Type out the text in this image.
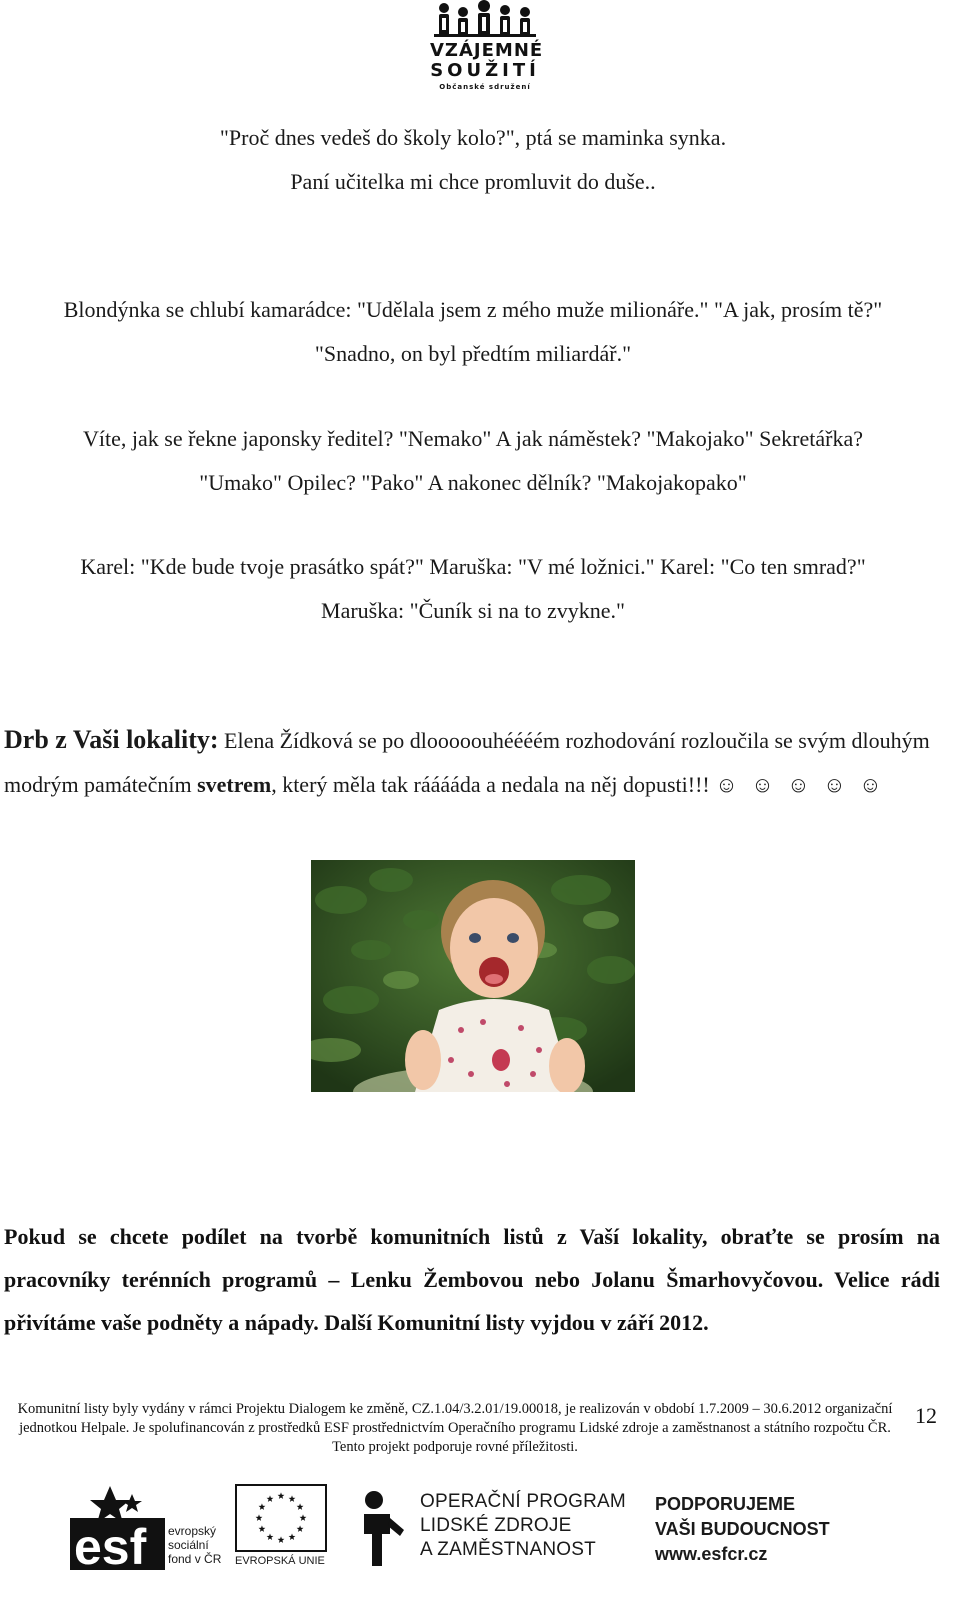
VZÁJEMNÉ
SOUŽITÍ
Občanské sdružení
"Proč dnes vedeš do školy kolo?", ptá se maminka synka.
Paní učitelka mi chce promluvit do duše..
Blondýnka se chlubí kamarádce: "Udělala jsem z mého muže milionáře." "A jak, prosím tě?"
"Snadno, on byl předtím miliardář."
Víte, jak se řekne japonsky ředitel? "Nemako" A jak náměstek? "Makojako" Sekretářka?
"Umako" Opilec? "Pako" A nakonec dělník? "Makojakopako"
Karel: "Kde bude tvoje prasátko spát?" Maruška: "V mé ložnici." Karel: "Co ten smrad?"
Maruška: "Čuník si na to zvykne."
Drb z Vaši lokality: Elena Žídková se po dlooooouhéééém rozhodování rozloučila se svým dlouhým modrým památečním svetrem, který měla tak rááááda a nedala na něj dopusti!!! ☺ ☺ ☺ ☺ ☺
Pokud se chcete podílet na tvorbě komunitních listů z Vaší lokality, obraťte se prosím na pracovníky terénních programů – Lenku Žembovou nebo Jolanu Šmarhovyčovou. Velice rádi přivítáme vaše podněty a nápady. Další Komunitní listy vyjdou v září 2012.
Komunitní listy byly vydány v rámci Projektu Dialogem ke změně, CZ.1.04/3.2.01/19.00018, je realizován v období 1.7.2009 – 30.6.2012 organizační jednotkou Helpale. Je spolufinancován z prostředků ESF prostřednictvím Operačního programu Lidské zdroje a zaměstnanost a státního rozpočtu ČR. Tento projekt podporuje rovné příležitosti.
12
esf evropský
sociální
fond v ČR EVROPSKÁ UNIE
OPERAČNÍ PROGRAM
LIDSKÉ ZDROJE
A ZAMĚSTNANOST
PODPORUJEME
VAŠI BUDOUCNOST
www.esfcr.cz
